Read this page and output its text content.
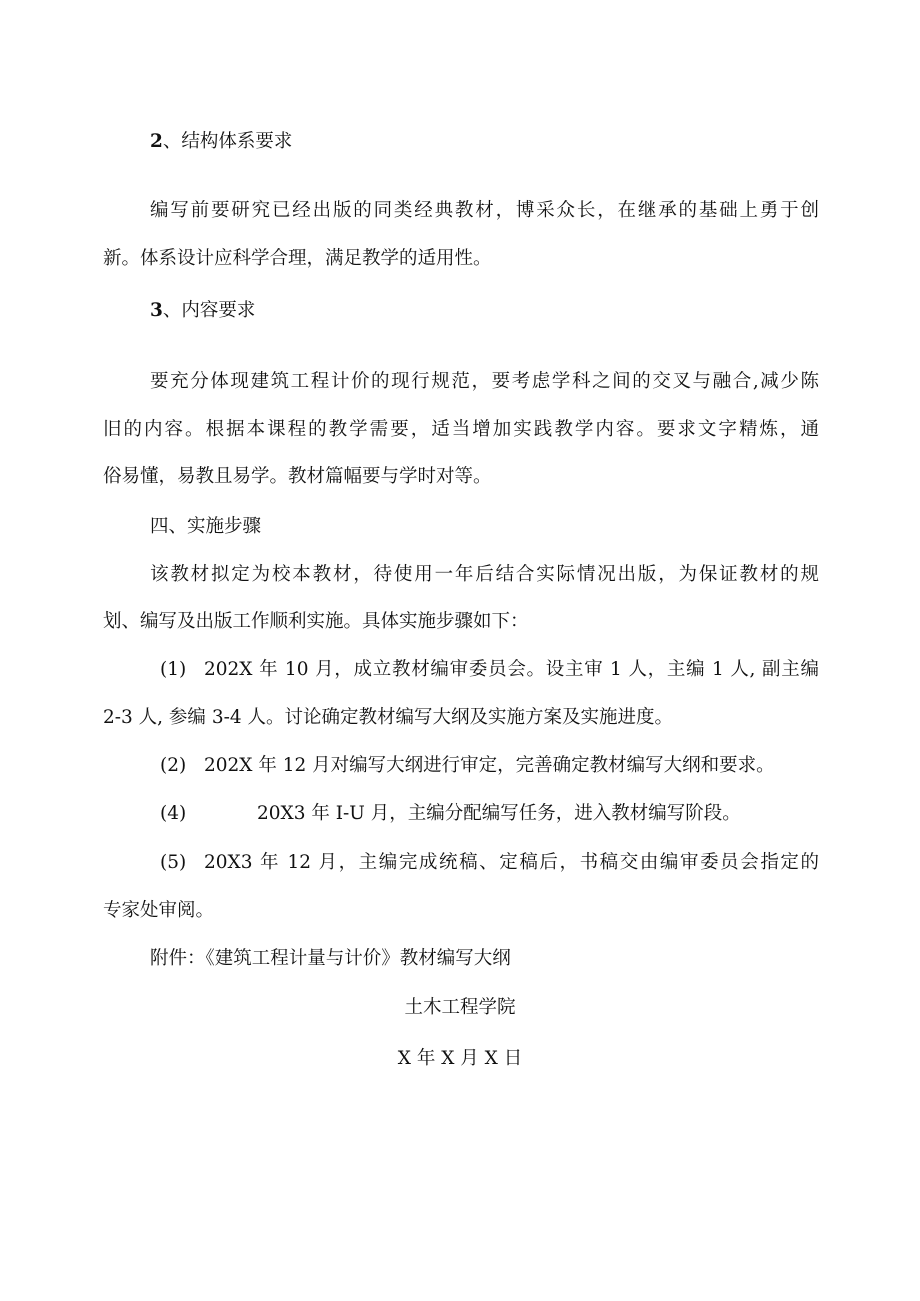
2、结构体系要求
编写前要研究已经出版的同类经典教材，博采众长，在继承的基础上勇于创
新。体系设计应科学合理，满足教学的适用性。
3、内容要求
要充分体现建筑工程计价的现行规范，要考虑学科之间的交叉与融合,减少陈
旧的内容。根据本课程的教学需要，适当增加实践教学内容。要求文字精炼，通
俗易懂，易教且易学。教材篇幅要与学时对等。
四、实施步骤
该教材拟定为校本教材，待使用一年后结合实际情况出版，为保证教材的规
划、编写及出版工作顺利实施。具体实施步骤如下：
(1) 202X 年 10 月，成立教材编审委员会。设主审 1 人，主编 1 人, 副主编
2-3 人, 参编 3-4 人。讨论确定教材编写大纲及实施方案及实施进度。
(2) 202X 年 12 月对编写大纲进行审定，完善确定教材编写大纲和要求。
(4)	20X3 年 I-U 月，主编分配编写任务，进入教材编写阶段。
(5) 20X3 年 12 月，主编完成统稿、定稿后，书稿交由编审委员会指定的
专家处审阅。
附件：《建筑工程计量与计价》教材编写大纲
土木工程学院
X 年 X 月 X 日
